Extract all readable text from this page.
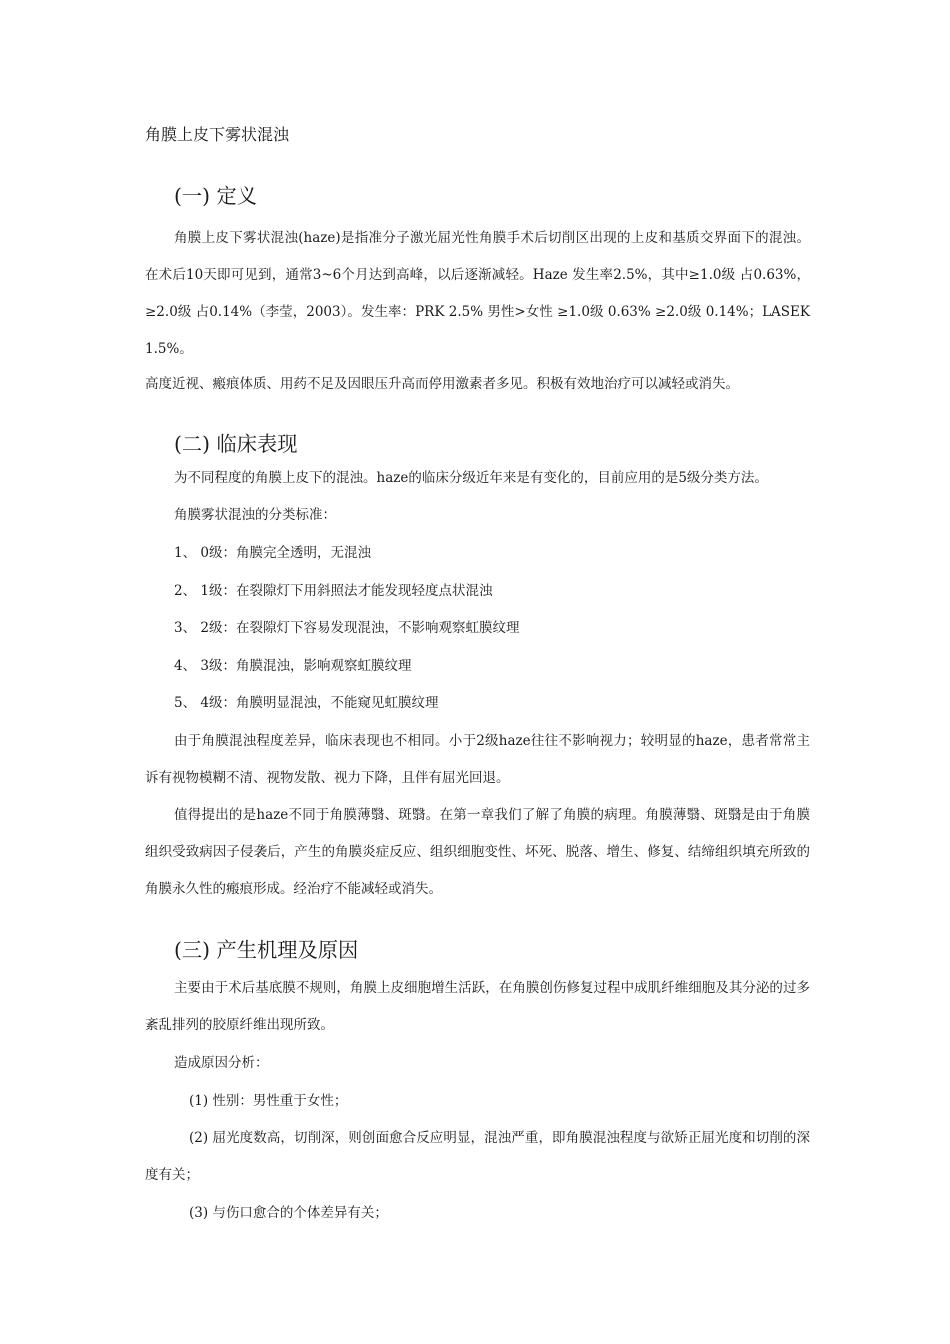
角膜上皮下雾状混浊
(一) 定义

角膜上皮下雾状混浊(haze)是指准分子激光屈光性角膜手术后切削区出现的上皮和基质交界面下的混浊。在术后10天即可见到，通常3~6个月达到高峰，以后逐渐减轻。Haze 发生率2.5%，其中≥1.0级 占0.63%，≥2.0级 占0.14%（李莹，2003）。发生率：PRK 2.5% 男性>女性 ≥1.0级 0.63% ≥2.0级 0.14%；LASEK 1.5%。

高度近视、瘢痕体质、用药不足及因眼压升高而停用激素者多见。积极有效地治疗可以减轻或消失。

(二) 临床表现

为不同程度的角膜上皮下的混浊。haze的临床分级近年来是有变化的，目前应用的是5级分类方法。

角膜雾状混浊的分类标准：

1、 0级：角膜完全透明，无混浊

2、 1级：在裂隙灯下用斜照法才能发现轻度点状混浊

3、 2级：在裂隙灯下容易发现混浊，不影响观察虹膜纹理

4、 3级：角膜混浊，影响观察虹膜纹理

5、 4级：角膜明显混浊，不能窥见虹膜纹理

由于角膜混浊程度差异，临床表现也不相同。小于2级haze往往不影响视力；较明显的haze，患者常常主诉有视物模糊不清、视物发散、视力下降，且伴有屈光回退。

值得提出的是haze不同于角膜薄翳、斑翳。在第一章我们了解了角膜的病理。角膜薄翳、斑翳是由于角膜组织受致病因子侵袭后，产生的角膜炎症反应、组织细胞变性、坏死、脱落、增生、修复、结缔组织填充所致的角膜永久性的瘢痕形成。经治疗不能减轻或消失。

(三) 产生机理及原因

主要由于术后基底膜不规则，角膜上皮细胞增生活跃，在角膜创伤修复过程中成肌纤维细胞及其分泌的过多紊乱排列的胶原纤维出现所致。

造成原因分析：

(1) 性别：男性重于女性；

(2) 屈光度数高，切削深，则创面愈合反应明显，混浊严重，即角膜混浊程度与欲矫正屈光度和切削的深度有关；

(3) 与伤口愈合的个体差异有关；
